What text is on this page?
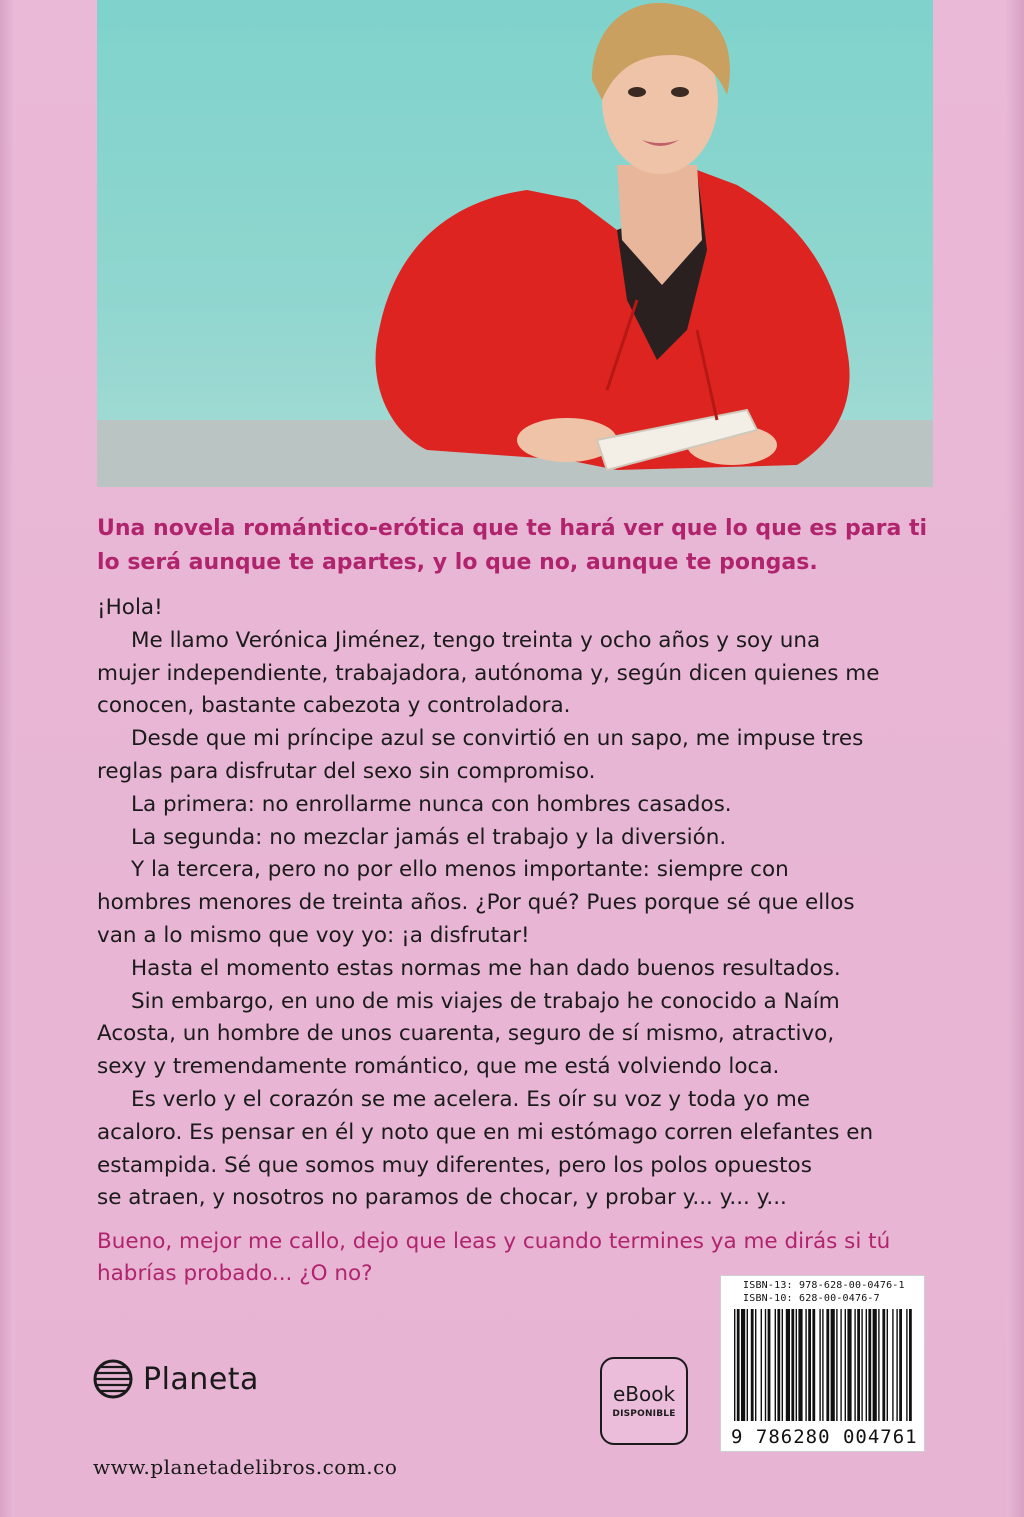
Una novela romántico-erótica que te hará ver que lo que es para ti
lo será aunque te apartes, y lo que no, aunque te pongas.

¡Hola!

Me llamo Verónica Jiménez, tengo treinta y ocho años y soy una

mujer independiente, trabajadora, autónoma y, según dicen quienes me

conocen, bastante cabezota y controladora.

Desde que mi príncipe azul se convirtió en un sapo, me impuse tres

reglas para disfrutar del sexo sin compromiso.

La primera: no enrollarme nunca con hombres casados.

La segunda: no mezclar jamás el trabajo y la diversión.

Y la tercera, pero no por ello menos importante: siempre con

hombres menores de treinta años. ¿Por qué? Pues porque sé que ellos

van a lo mismo que voy yo: ¡a disfrutar!

Hasta el momento estas normas me han dado buenos resultados.

Sin embargo, en uno de mis viajes de trabajo he conocido a Naím

Acosta, un hombre de unos cuarenta, seguro de sí mismo, atractivo,

sexy y tremendamente romántico, que me está volviendo loca.

Es verlo y el corazón se me acelera. Es oír su voz y toda yo me

acaloro. Es pensar en él y noto que en mi estómago corren elefantes en

estampida. Sé que somos muy diferentes, pero los polos opuestos

se atraen, y nosotros no paramos de chocar, y probar y... y... y...

Bueno, mejor me callo, dejo que leas y cuando termines ya me dirás si tú
habrías probado... ¿O no?
Planeta
www.planetadelibros.com.co
eBook
DISPONIBLE
ISBN-13: 978-628-00-0476-1
ISBN-10: 628-00-0476-7
9 786280 004761
